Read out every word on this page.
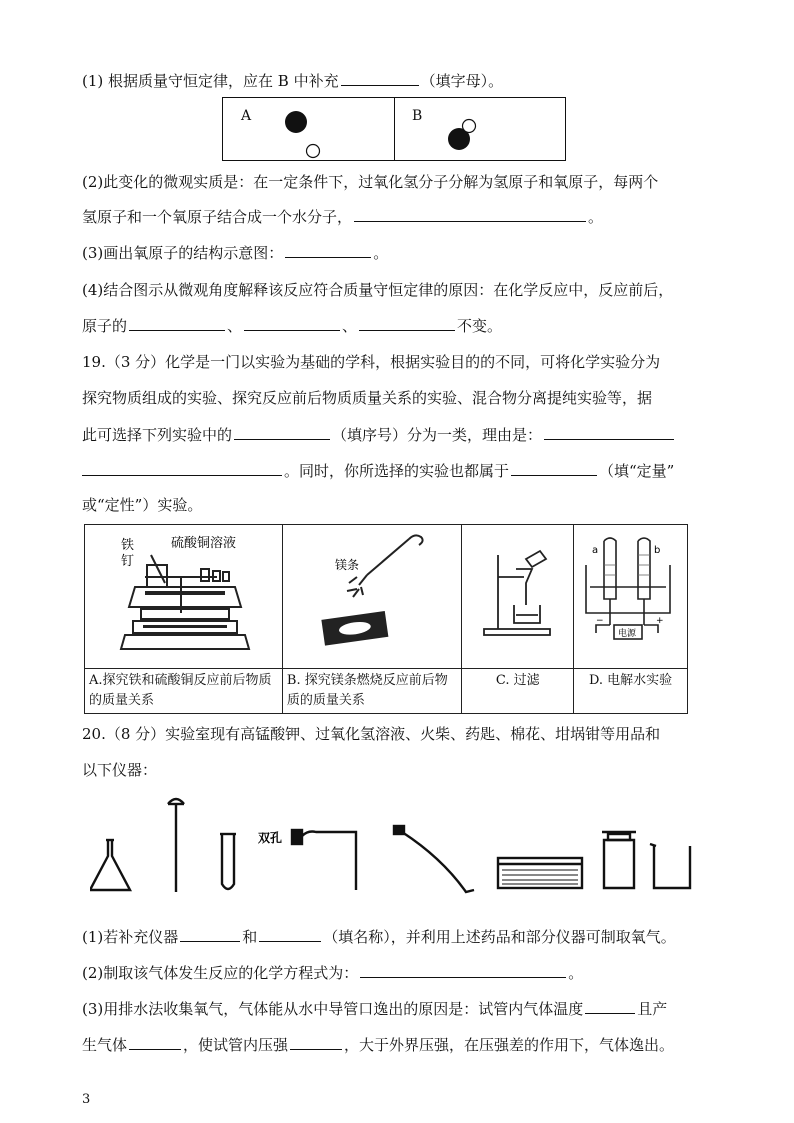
(1) 根据质量守恒定律，应在 B 中补充	（填字母）。
A	B
(2)此变化的微观实质是：在一定条件下，过氧化氢分子分解为氢原子和氧原子，每两个
氢原子和一个氧原子结合成一个水分子，	。
(3)画出氧原子的结构示意图：	。
(4)结合图示从微观角度解释该反应符合质量守恒定律的原因：在化学反应中，反应前后，
原子的	、	、	不变。
19.（3 分）化学是一门以实验为基础的学科，根据实验目的的不同，可将化学实验分为
探究物质组成的实验、探究反应前后物质质量关系的实验、混合物分离提纯实验等，据
此可选择下列实验中的	（填序号）分为一类，理由是：
。同时，你所选择的实验也都属于	（填“定量”
或“定性”）实验。
铁
钉
硫酸铜溶液	镁条		a b
电源
− +

A.探究铁和硫酸铜反应前后物质的质量关系	B. 探究镁条燃烧反应前后物质的质量关系	C. 过滤	D. 电解水实验
20.（8 分）实验室现有高锰酸钾、过氧化氢溶液、火柴、药匙、棉花、坩埚钳等用品和
以下仪器：
双孔
(1)若补充仪器	和	（填名称），并利用上述药品和部分仪器可制取氧气。
(2)制取该气体发生反应的化学方程式为：	。
(3)用排水法收集氧气，气体能从水中导管口逸出的原因是：试管内气体温度	且产
生气体	，使试管内压强	，大于外界压强，在压强差的作用下，气体逸出。
3
